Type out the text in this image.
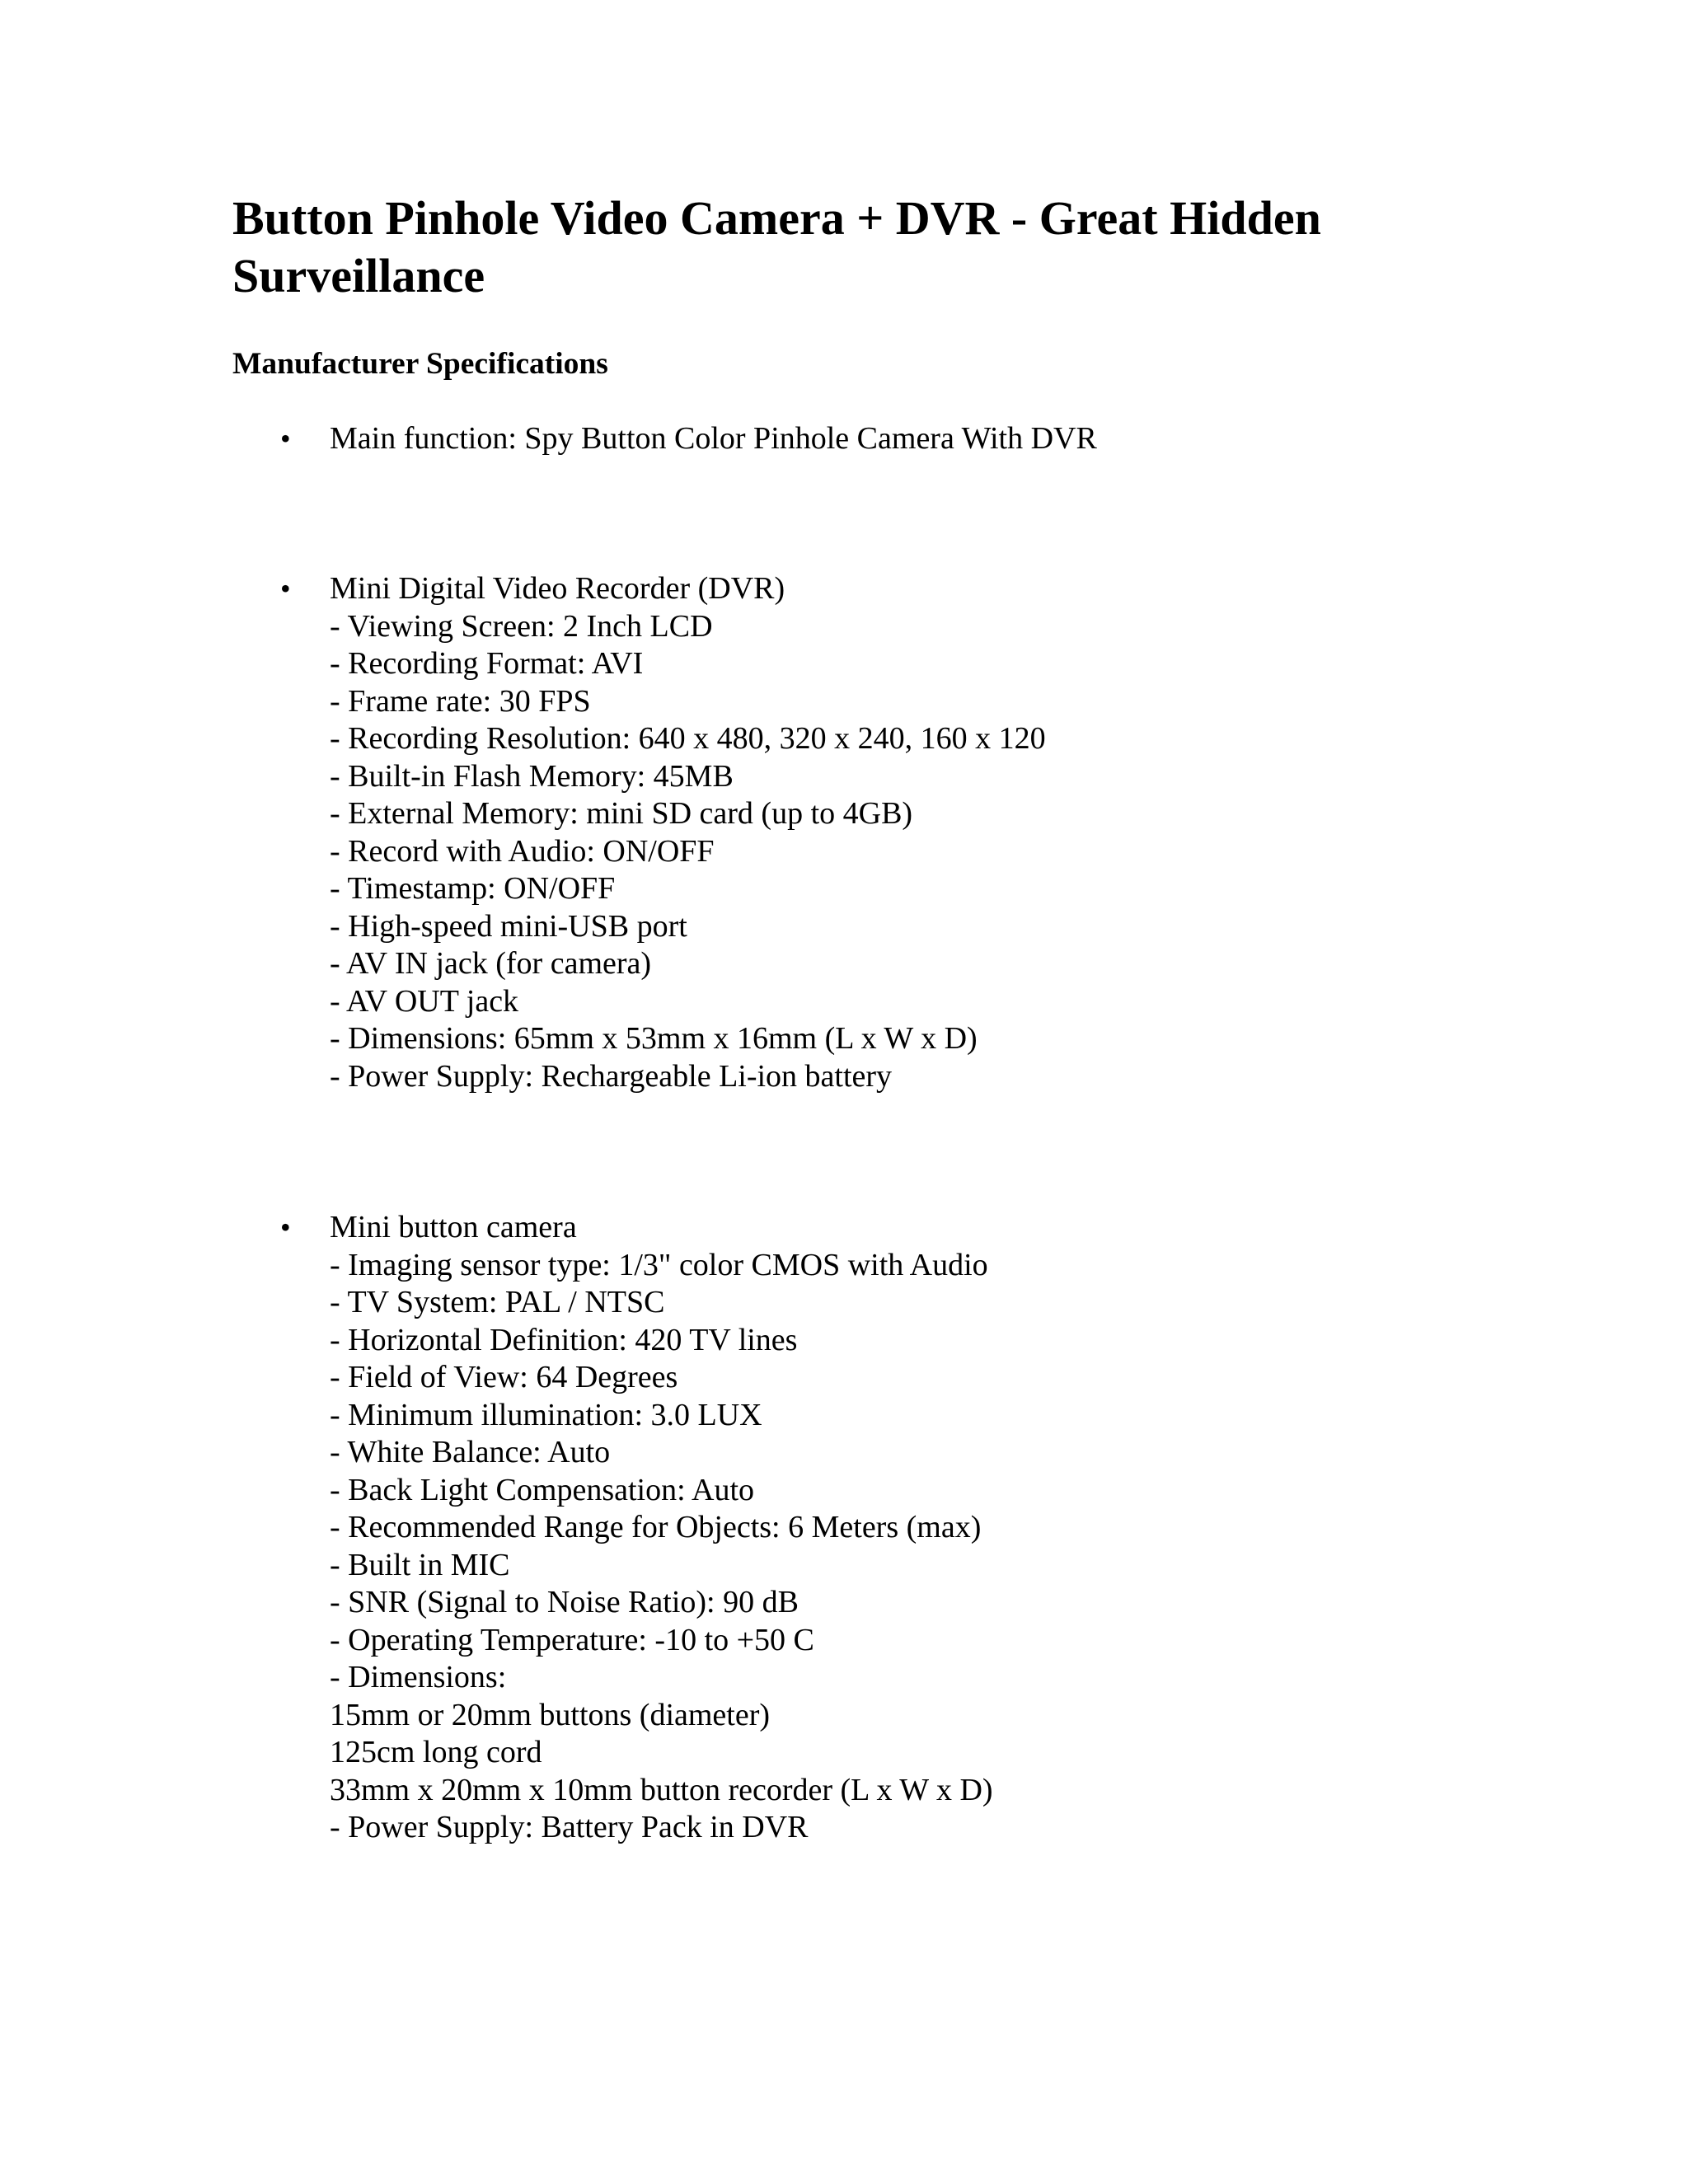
Button Pinhole Video Camera + DVR - Great Hidden Surveillance
Manufacturer Specifications
•	Main function: Spy Button Color Pinhole Camera With DVR
•	Mini Digital Video Recorder (DVR)
- Viewing Screen: 2 Inch LCD
- Recording Format: AVI
- Frame rate: 30 FPS
- Recording Resolution: 640 x 480, 320 x 240, 160 x 120
- Built-in Flash Memory: 45MB
- External Memory: mini SD card (up to 4GB)
- Record with Audio: ON/OFF
- Timestamp: ON/OFF
- High-speed mini-USB port
- AV IN jack (for camera)
- AV OUT jack
- Dimensions: 65mm x 53mm x 16mm (L x W x D)
- Power Supply: Rechargeable Li-ion battery
•	Mini button camera
- Imaging sensor type: 1/3" color CMOS with Audio
- TV System: PAL / NTSC
- Horizontal Definition: 420 TV lines
- Field of View: 64 Degrees
- Minimum illumination: 3.0 LUX
- White Balance: Auto
- Back Light Compensation: Auto
- Recommended Range for Objects: 6 Meters (max)
- Built in MIC
- SNR (Signal to Noise Ratio): 90 dB
- Operating Temperature: -10 to +50 C
- Dimensions:
15mm or 20mm buttons (diameter)
125cm long cord
33mm x 20mm x 10mm button recorder (L x W x D)
- Power Supply: Battery Pack in DVR
